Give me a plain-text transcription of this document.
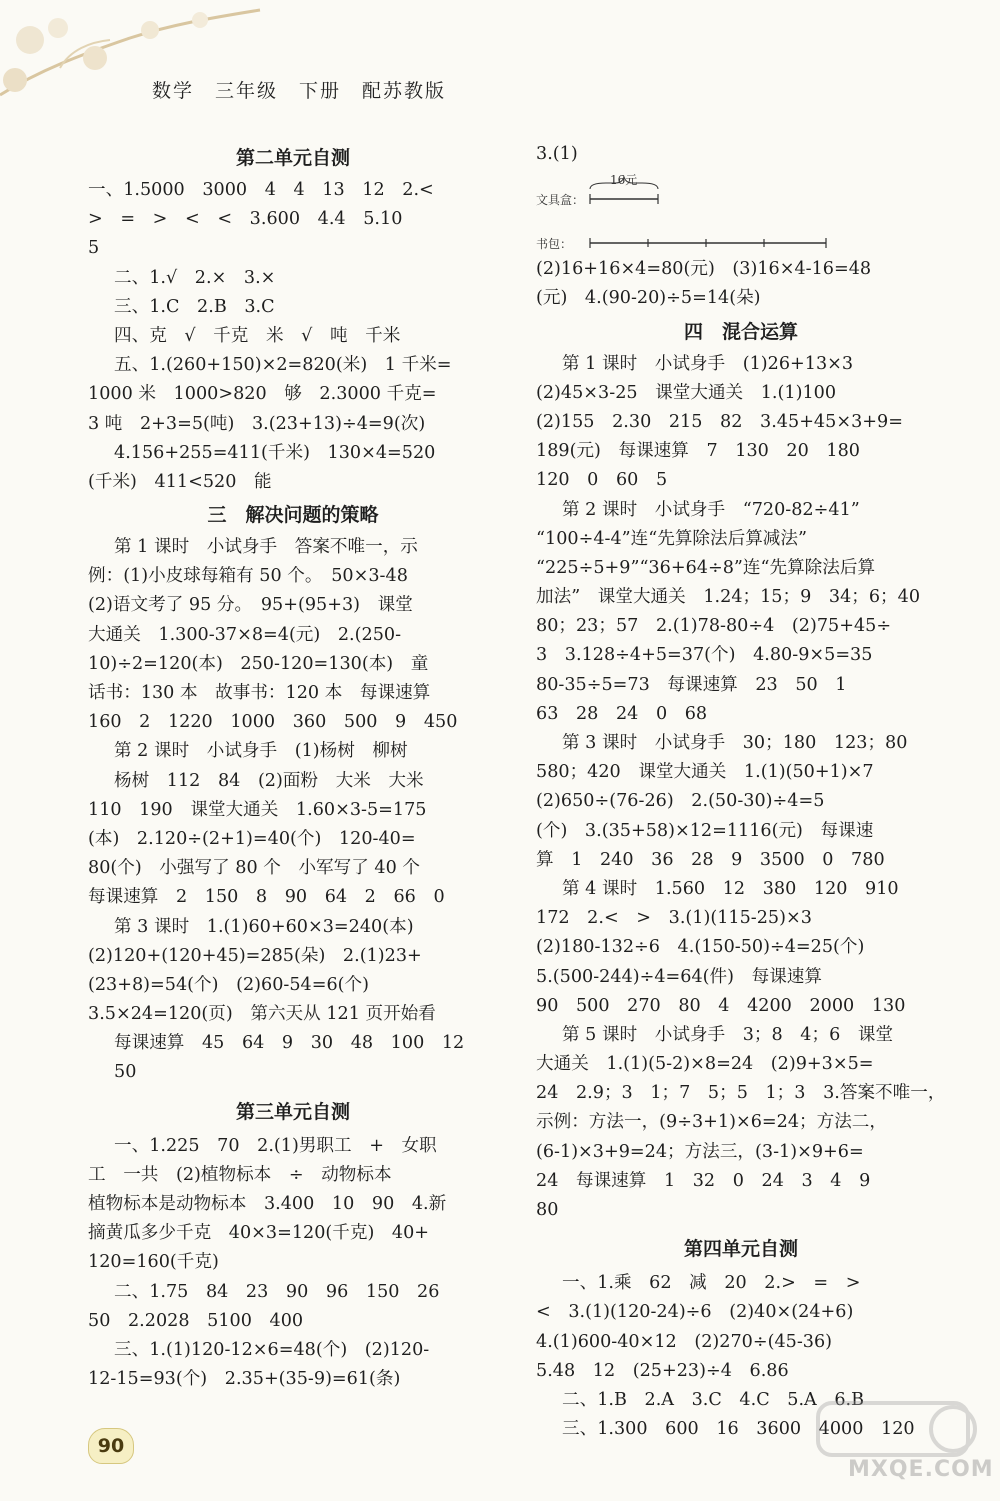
数学　三年级　下册　配苏教版
第二单元自测
一、1.5000　3000　4　4　13　12　2.<
>　=　>　<　<　3.600　4.4　5.10
5
二、1.√　2.×　3.×
三、1.C　2.B　3.C
四、克　√　千克　米　√　吨　千米
五、1.(260+150)×2=820(米)　1 千米=
1000 米　1000>820　够　2.3000 千克=
3 吨　2+3=5(吨)　3.(23+13)÷4=9(次)
4.156+255=411(千米)　130×4=520
(千米)　411<520　能
三　解决问题的策略
第 1 课时　小试身手　答案不唯一，示
例：(1)小皮球每箱有 50 个。　50×3-48
(2)语文考了 95 分。　95+(95+3)　课堂
大通关　1.300-37×8=4(元)　2.(250-
10)÷2=120(本)　250-120=130(本)　童
话书：130 本　故事书：120 本　每课速算
160　2　1220　1000　360　500　9　450
第 2 课时　小试身手　(1)杨树　柳树
杨树　112　84　(2)面粉　大米　大米
110　190　课堂大通关　1.60×3-5=175
(本)　2.120÷(2+1)=40(个)　120-40=
80(个)　小强写了 80 个　小军写了 40 个
每课速算　2　150　8　90　64　2　66　0
第 3 课时　1.(1)60+60×3=240(本)
(2)120+(120+45)=285(朵)　2.(1)23+
(23+8)=54(个)　(2)60-54=6(个)
3.5×24=120(页)　第六天从 121 页开始看
每课速算　45　64　9　30　48　100　12
50
第三单元自测
一、1.225　70　2.(1)男职工　+　女职
工　一共　(2)植物标本　÷　动物标本
植物标本是动物标本　3.400　10　90　4.新
摘黄瓜多少千克　40×3=120(千克)　40+
120=160(千克)
二、1.75　84　23　90　96　150　26
50　2.2028　5100　400
三、1.(1)120-12×6=48(个)　(2)120-
12-15=93(个)　2.35+(35-9)=61(条)
3.(1)
16元
文具盒：
书包：
(2)16+16×4=80(元)　(3)16×4-16=48
(元)　4.(90-20)÷5=14(朵)
四　混合运算
第 1 课时　小试身手　(1)26+13×3
(2)45×3-25　课堂大通关　1.(1)100
(2)155　2.30　215　82　3.45+45×3+9=
189(元)　每课速算　7　130　20　180
120　0　60　5
第 2 课时　小试身手　“720-82÷41”
“100÷4-4”连“先算除法后算减法”
“225÷5+9”“36+64÷8”连“先算除法后算
加法”　课堂大通关　1.24；15；9　34；6；40
80；23；57　2.(1)78-80÷4　(2)75+45÷
3　3.128÷4+5=37(个)　4.80-9×5=35
80-35÷5=73　每课速算　23　50　1
63　28　24　0　68
第 3 课时　小试身手　30；180　123；80
580；420　课堂大通关　1.(1)(50+1)×7
(2)650÷(76-26)　2.(50-30)÷4=5
(个)　3.(35+58)×12=1116(元)　每课速
算　1　240　36　28　9　3500　0　780
第 4 课时　1.560　12　380　120　910
172　2.<　>　3.(1)(115-25)×3
(2)180-132÷6　4.(150-50)÷4=25(个)
5.(500-244)÷4=64(件)　每课速算
90　500　270　80　4　4200　2000　130
第 5 课时　小试身手　3；8　4；6　课堂
大通关　1.(1)(5-2)×8=24　(2)9+3×5=
24　2.9；3　1；7　5；5　1；3　3.答案不唯一，
示例：方法一，(9÷3+1)×6=24；方法二，
(6-1)×3+9=24；方法三，(3-1)×9+6=
24　每课速算　1　32　0　24　3　4　9
80
第四单元自测
一、1.乘　62　减　20　2.>　=　>
<　3.(1)(120-24)÷6　(2)40×(24+6)
4.(1)600-40×12　(2)270÷(45-36)
5.48　12　(25+23)÷4　6.86
二、1.B　2.A　3.C　4.C　5.A　6.B
三、1.300　600　16　3600　4000　120
90
MXQE.COM
